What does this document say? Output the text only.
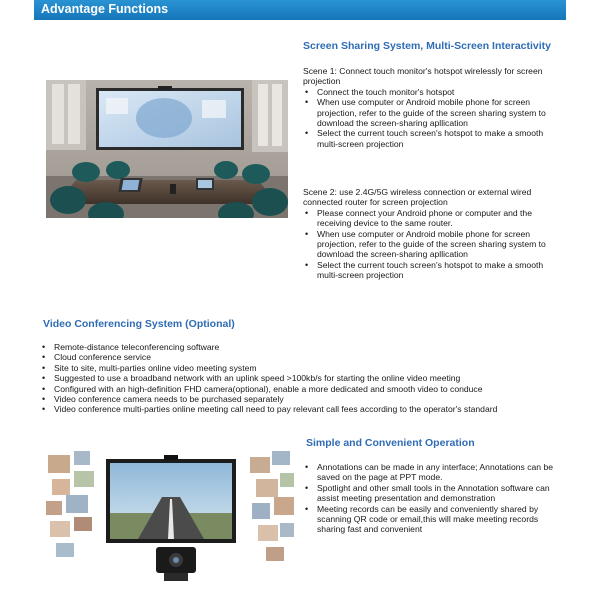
Advantage Functions
Screen Sharing System, Multi-Screen Interactivity

Scene 1: Connect touch monitor's hotspot wirelessly for screen projection

• Connect the touch monitor's hotspot
• When use computer or Android mobile phone for screen projection, refer to the guide of the screen sharing system to download the screen-sharing apllication
• Select the current touch screen's hotspot to make a smooth multi-screen projection

Scene 2: use 2.4G/5G wireless connection or external wired connected router for screen projection

• Please connect your Android phone or computer and the receiving device to the same router.
• When use computer or Android mobile phone for screen projection, refer to the guide of the screen sharing system to download the screen-sharing apllication
• Select the current touch screen's hotspot to make a smooth multi-screen projection
Video Conferencing System (Optional)
• Remote-distance teleconferencing software
• Cloud conference service
• Site to site, multi-parties online video meeting system
• Suggested to use a broadband network with an uplink speed >100kb/s for starting the online video meeting
• Configured with an high-definition FHD camera(optional), enable a more dedicated and smooth video to conduce
• Video conference camera needs to be purchased separately
• Video conference multi-parties online meeting call need to pay relevant call fees according to the operator's standard
Simple and Convenient Operation
• Annotations can be made in any interface; Annotations can be saved on the page at PPT mode.
• Spotlight and other small tools in the Annotation software can assist meeting presentation and demonstration
• Meeting records can be easily and conveniently shared by scanning QR code or email,this will make meeting records sharing fast and convenient
